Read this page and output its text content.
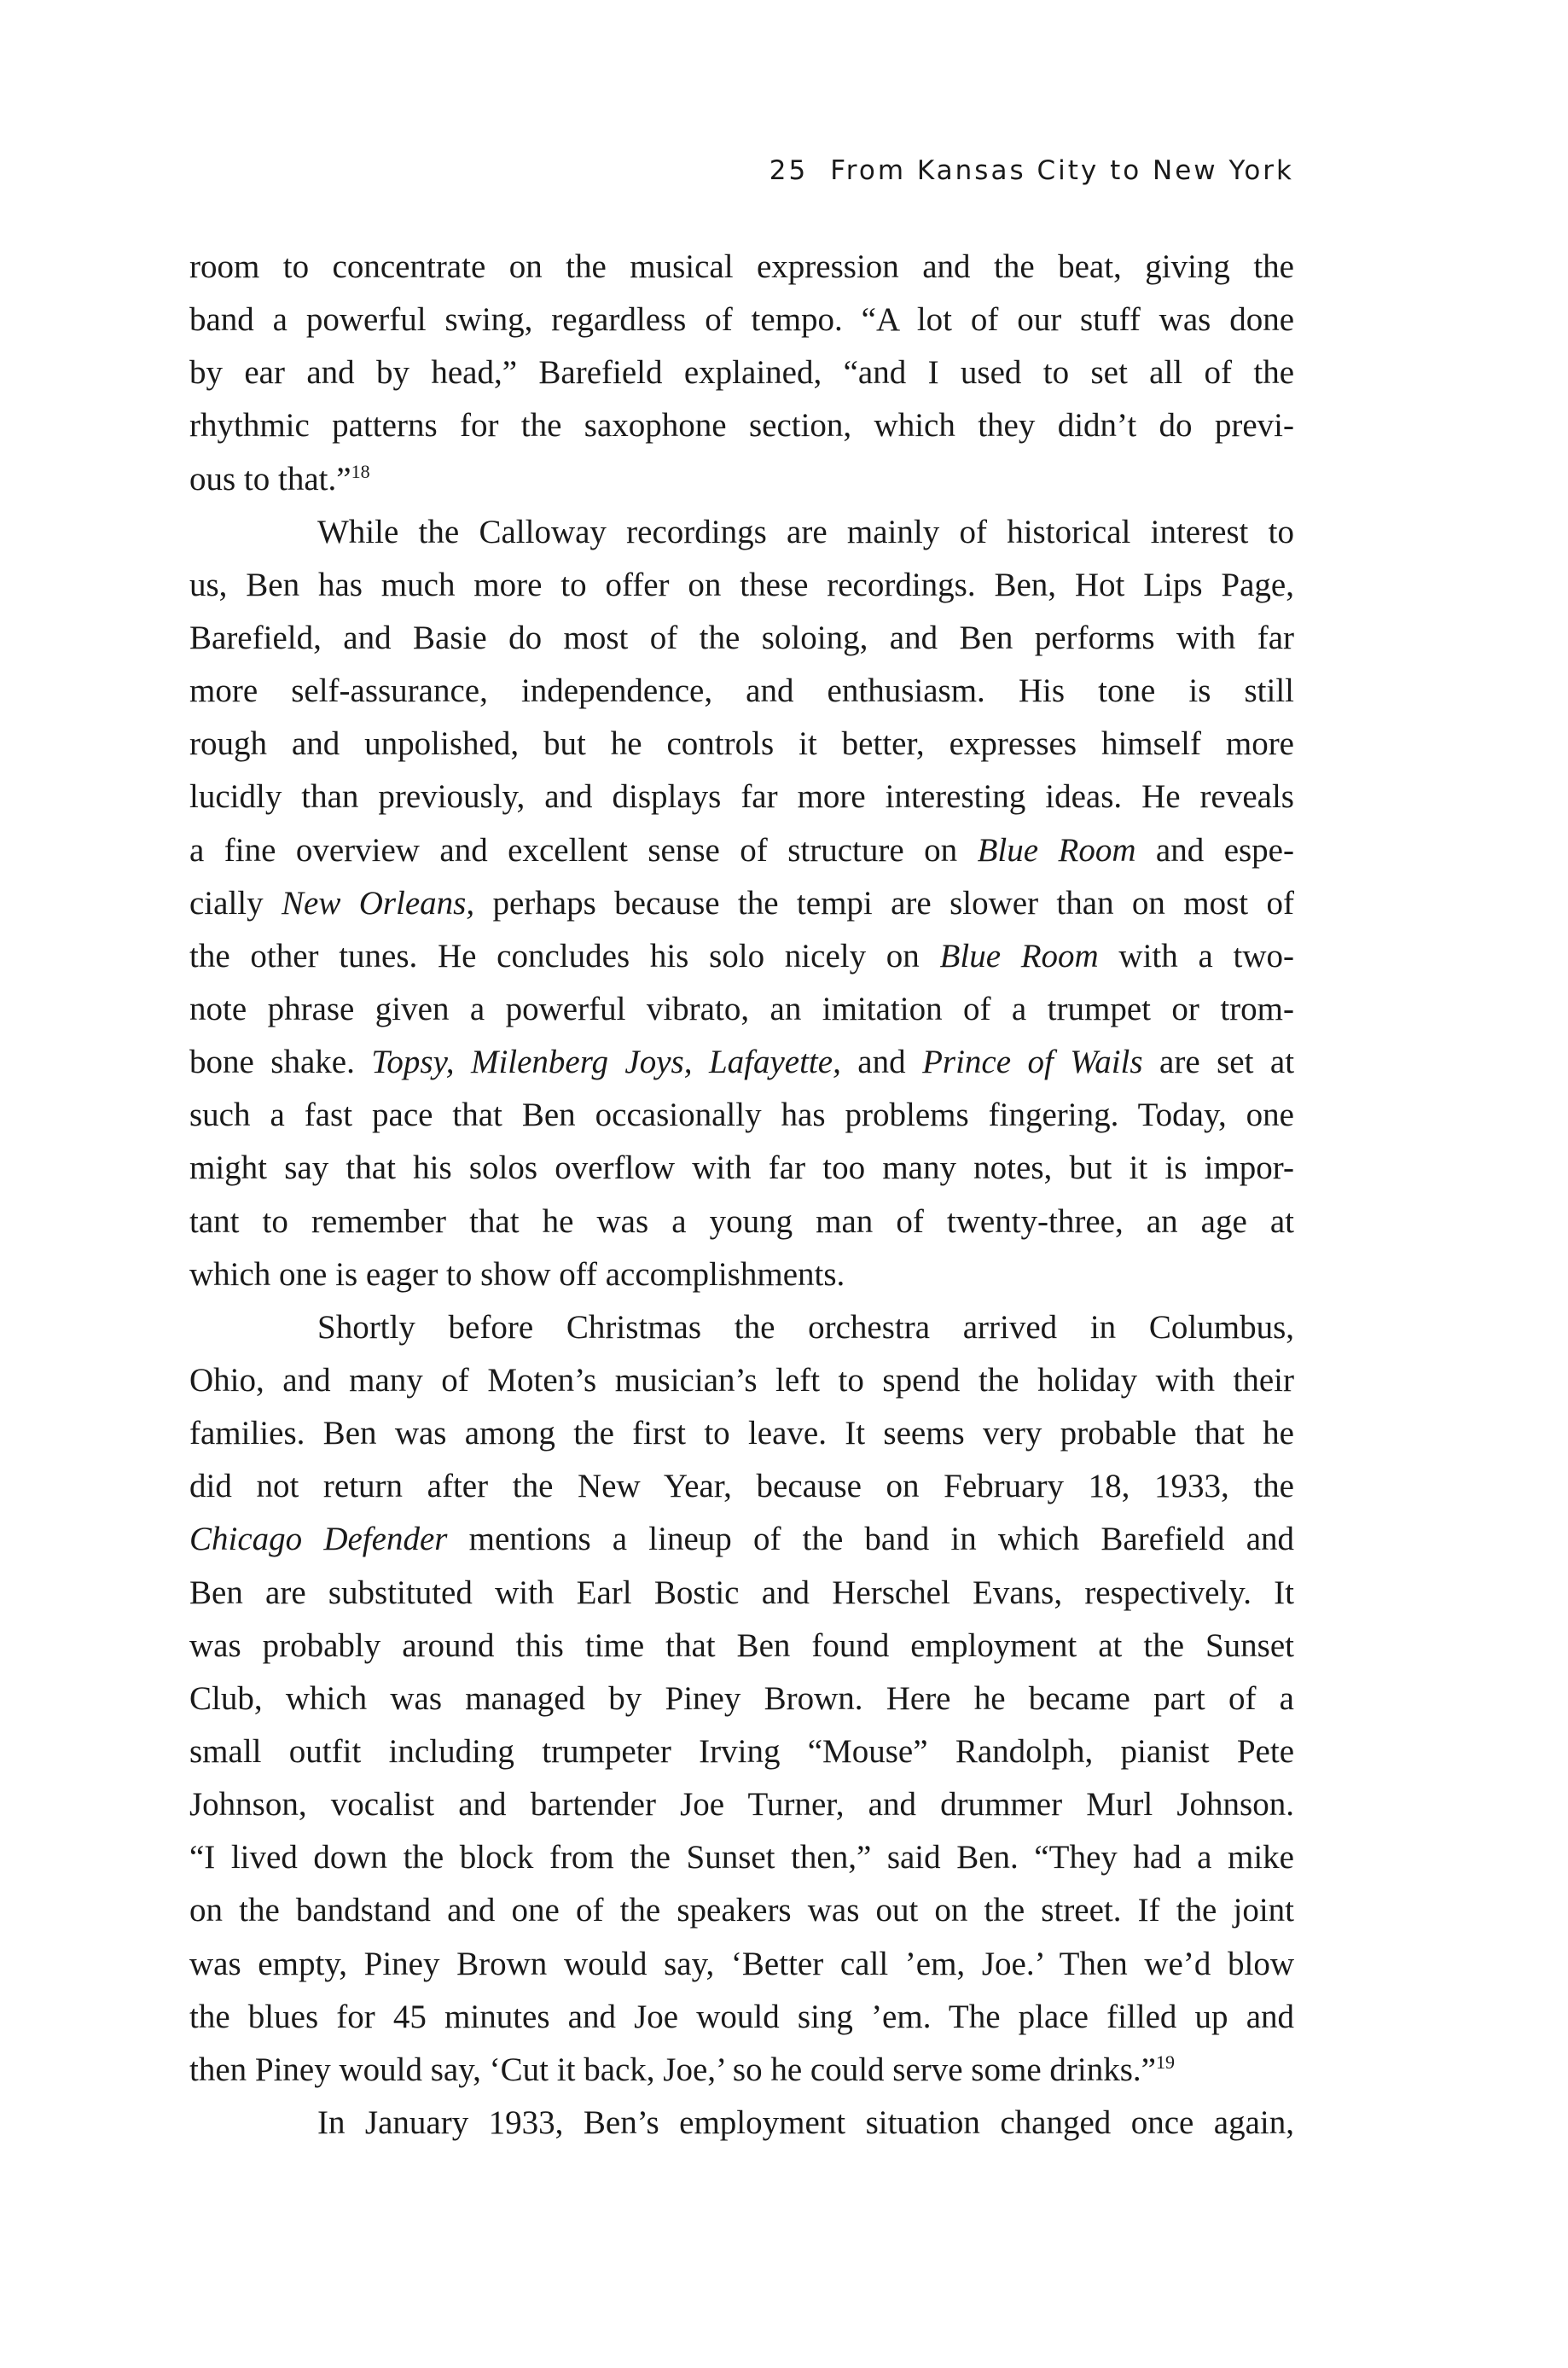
25 From Kansas City to New York
room to concentrate on the musical expression and the beat, giving the
band a powerful swing, regardless of tempo. “A lot of our stuff was done
by ear and by head,” Barefield explained, “and I used to set all of the
rhythmic patterns for the saxophone section, which they didn’t do previ-
ous to that.”$^{18}$
While the Calloway recordings are mainly of historical interest to
us, Ben has much more to offer on these recordings. Ben, Hot Lips Page,
Barefield, and Basie do most of the soloing, and Ben performs with far
more self-assurance, independence, and enthusiasm. His tone is still
rough and unpolished, but he controls it better, expresses himself more
lucidly than previously, and displays far more interesting ideas. He reveals
a fine overview and excellent sense of structure on Blue Room and espe-
cially New Orleans, perhaps because the tempi are slower than on most of
the other tunes. He concludes his solo nicely on Blue Room with a two-
note phrase given a powerful vibrato, an imitation of a trumpet or trom-
bone shake. Topsy, Milenberg Joys, Lafayette, and Prince of Wails are set at
such a fast pace that Ben occasionally has problems fingering. Today, one
might say that his solos overflow with far too many notes, but it is impor-
tant to remember that he was a young man of twenty-three, an age at
which one is eager to show off accomplishments.
Shortly before Christmas the orchestra arrived in Columbus,
Ohio, and many of Moten’s musician’s left to spend the holiday with their
families. Ben was among the first to leave. It seems very probable that he
did not return after the New Year, because on February 18, 1933, the
Chicago Defender mentions a lineup of the band in which Barefield and
Ben are substituted with Earl Bostic and Herschel Evans, respectively. It
was probably around this time that Ben found employment at the Sunset
Club, which was managed by Piney Brown. Here he became part of a
small outfit including trumpeter Irving “Mouse” Randolph, pianist Pete
Johnson, vocalist and bartender Joe Turner, and drummer Murl Johnson.
“I lived down the block from the Sunset then,” said Ben. “They had a mike
on the bandstand and one of the speakers was out on the street. If the joint
was empty, Piney Brown would say, ‘Better call ’em, Joe.’ Then we’d blow
the blues for 45 minutes and Joe would sing ’em. The place filled up and
then Piney would say, ‘Cut it back, Joe,’ so he could serve some drinks.”$^{19}$
In January 1933, Ben’s employment situation changed once again,
